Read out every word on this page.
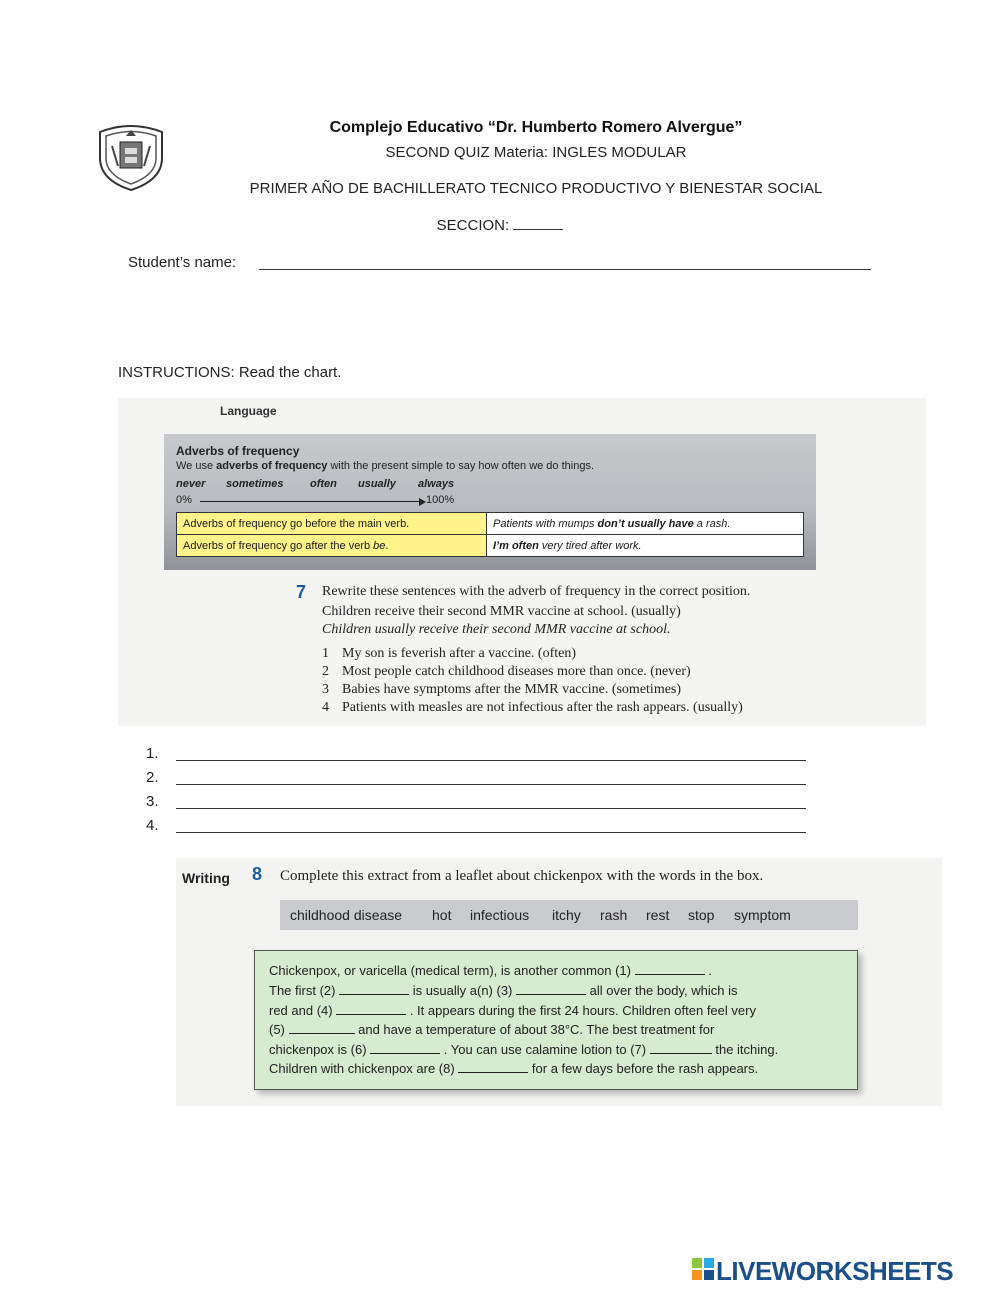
Complejo Educativo “Dr. Humberto Romero Alvergue”
SECOND QUIZ Materia: INGLES MODULAR
PRIMER AÑO DE BACHILLERATO TECNICO PRODUCTIVO Y BIENESTAR SOCIAL
SECCION:
Student’s name:
INSTRUCTIONS: Read the chart.
Language
Adverbs of frequency
We use adverbs of frequency with the present simple to say how often we do things.
never sometimes often usually always
0%	100%
Adverbs of frequency go before the main verb.	Patients with mumps don’t usually have a rash.
Adverbs of frequency go after the verb be.	I’m often very tired after work.
7 Rewrite these sentences with the adverb of frequency in the correct position.
Children receive their second MMR vaccine at school. (usually)
Children usually receive their second MMR vaccine at school.
1 My son is feverish after a vaccine. (often)
2 Most people catch childhood diseases more than once. (never)
3 Babies have symptoms after the MMR vaccine. (sometimes)
4 Patients with measles are not infectious after the rash appears. (usually)
1.
2.
3.
4.
Writing 8 Complete this extract from a leaflet about chickenpox with the words in the box.
childhood disease hot infectious itchy rash rest stop symptom
Chickenpox, or varicella (medical term), is another common (1)	.
The first (2)	is usually a(n) (3)	all over the body, which is
red and (4)	. It appears during the first 24 hours. Children often feel very
(5)	and have a temperature of about 38°C. The best treatment for
chickenpox is (6)	. You can use calamine lotion to (7)	the itching.
Children with chickenpox are (8)	for a few days before the rash appears.
LIVEWORKSHEETS
